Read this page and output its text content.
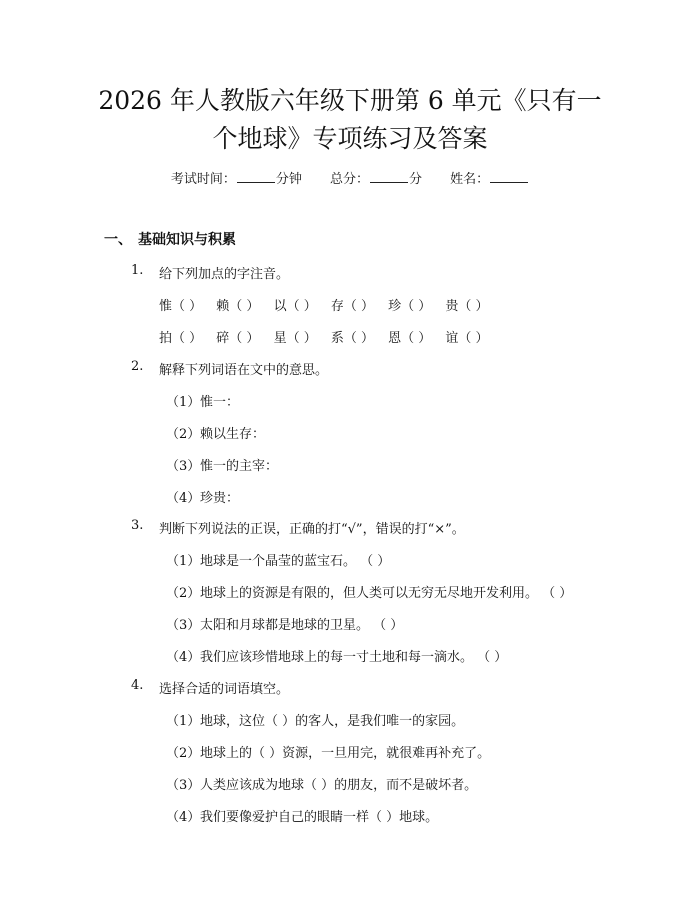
2026 年人教版六年级下册第 6 单元《只有一
个地球》专项练习及答案
考试时间：	分钟 总分：	分 姓名：
一、 基础知识与积累
1. 给下列加点的字注音。
惟（ ） 赖（ ） 以（ ） 存（ ） 珍（ ） 贵（ ）
拍（ ） 碎（ ） 星（ ） 系（ ） 恩（ ） 谊（ ）
2. 解释下列词语在文中的意思。
（1）惟一：
（2）赖以生存：
（3）惟一的主宰：
（4）珍贵：
3. 判断下列说法的正误，正确的打“√”，错误的打“×”。
（1）地球是一个晶莹的蓝宝石。 （ ）
（2）地球上的资源是有限的，但人类可以无穷无尽地开发利用。 （ ）
（3）太阳和月球都是地球的卫星。 （ ）
（4）我们应该珍惜地球上的每一寸土地和每一滴水。 （ ）
4. 选择合适的词语填空。
（1）地球，这位（ ）的客人，是我们唯一的家园。
（2）地球上的（ ）资源，一旦用完，就很难再补充了。
（3）人类应该成为地球（ ）的朋友，而不是破坏者。
（4）我们要像爱护自己的眼睛一样（ ）地球。
